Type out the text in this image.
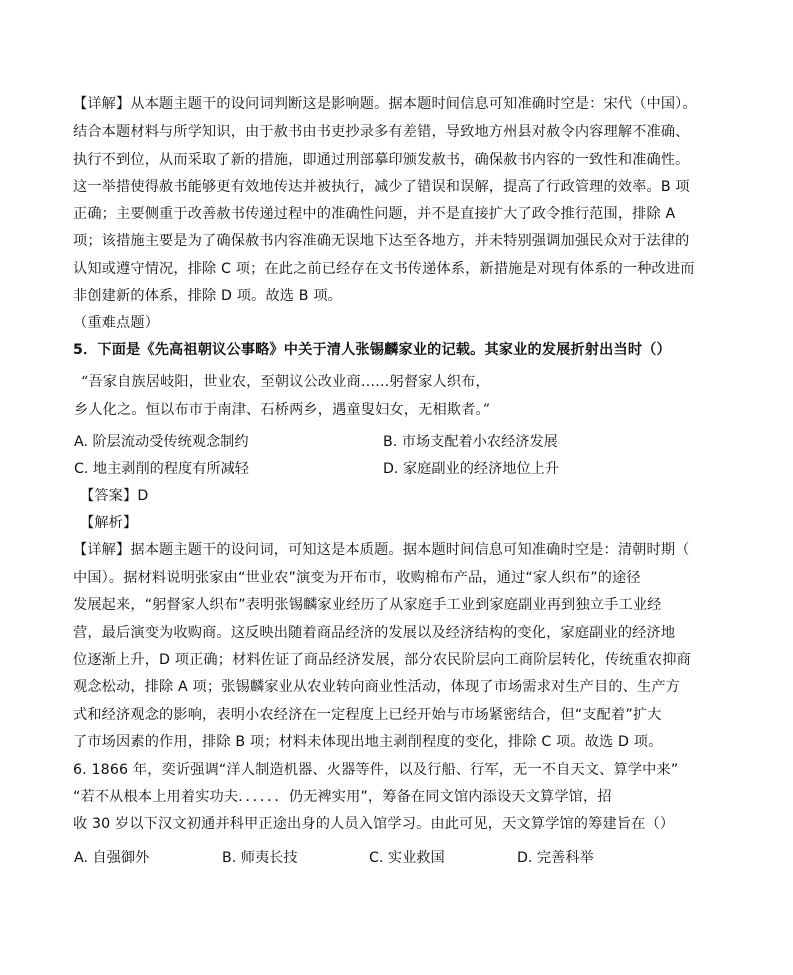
【详解】从本题主题干的设问词判断这是影响题。据本题时间信息可知准确时空是：宋代（中国）。
结合本题材料与所学知识，由于赦书由书吏抄录多有差错，导致地方州县对赦令内容理解不准确、
执行不到位，从而采取了新的措施，即通过刑部摹印颁发赦书，确保赦书内容的一致性和准确性。
这一举措使得赦书能够更有效地传达并被执行，减少了错误和误解，提高了行政管理的效率。B 项
正确；主要侧重于改善赦书传递过程中的准确性问题，并不是直接扩大了政令推行范围，排除 A
项；该措施主要是为了确保赦书内容准确无误地下达至各地方，并未特别强调加强民众对于法律的
认知或遵守情况，排除 C 项；在此之前已经存在文书传递体系，新措施是对现有体系的一种改进而
非创建新的体系，排除 D 项。故选 B 项。
（重难点题）
5．下面是《先高祖朝议公事略》中关于清人张锡麟家业的记载。其家业的发展折射出当时（）
“吾家自族居岐阳，世业农，至朝议公改业商……躬督家人织布，
乡人化之。恒以布市于南津、石桥两乡，遇童叟妇女，无相欺者。”
A. 阶层流动受传统观念制约	B. 市场支配着小农经济发展
C. 地主剥削的程度有所减轻	D. 家庭副业的经济地位上升
【答案】D
【解析】
【详解】据本题主题干的设问词，可知这是本质题。据本题时间信息可知准确时空是：清朝时期（
中国）。据材料说明张家由“世业农”演变为开布市，收购棉布产品，通过“家人织布”的途径
发展起来，“躬督家人织布”表明张锡麟家业经历了从家庭手工业到家庭副业再到独立手工业经
营，最后演变为收购商。这反映出随着商品经济的发展以及经济结构的变化，家庭副业的经济地
位逐渐上升，D 项正确；材料佐证了商品经济发展，部分农民阶层向工商阶层转化，传统重农抑商
观念松动，排除 A 项；张锡麟家业从农业转向商业性活动，体现了市场需求对生产目的、生产方
式和经济观念的影响，表明小农经济在一定程度上已经开始与市场紧密结合，但“支配着”扩大
了市场因素的作用，排除 B 项；材料未体现出地主剥削程度的变化，排除 C 项。故选 D 项。
6. 1866 年，奕䜣强调“洋人制造机器、火器等件，以及行船、行军，无一不自天文、算学中来”
“若不从根本上用着实功夫．．．．．．仍无裨实用”，筹备在同文馆内添设天文算学馆，招
收 30 岁以下汉文初通并科甲正途出身的人员入馆学习。由此可见，天文算学馆的筹建旨在（）
A. 自强御外	B. 师夷长技	C. 实业救国	D. 完善科举
